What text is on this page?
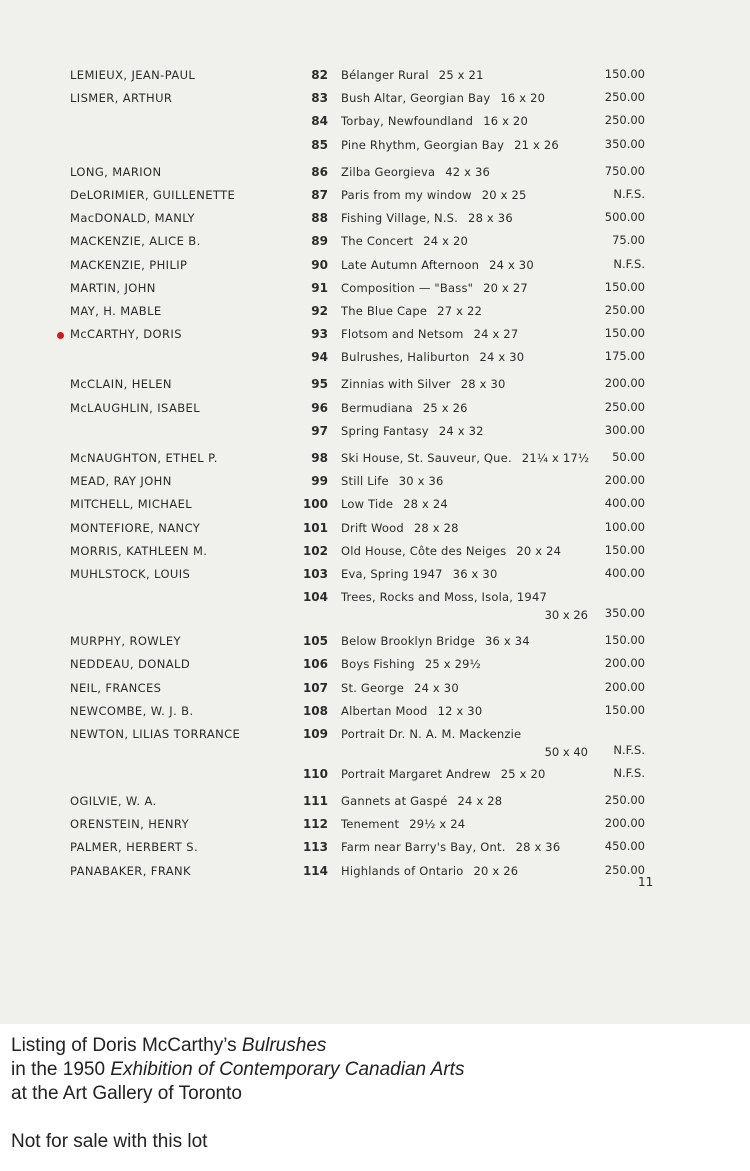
LEMIEUX, JEAN-PAUL	82 Bélanger Rural 25 x 21	150.00
LISMER, ARTHUR	83 Bush Altar, Georgian Bay 16 x 20	250.00
84 Torbay, Newfoundland 16 x 20	250.00
85 Pine Rhythm, Georgian Bay 21 x 26	350.00
LONG, MARION	86 Zilba Georgieva 42 x 36	750.00
DeLORIMIER, GUILLENETTE	87 Paris from my window 20 x 25	N.F.S.
MacDONALD, MANLY	88 Fishing Village, N.S. 28 x 36	500.00
MACKENZIE, ALICE B.	89 The Concert 24 x 20	75.00
MACKENZIE, PHILIP	90 Late Autumn Afternoon 24 x 30	N.F.S.
MARTIN, JOHN	91 Composition — "Bass" 20 x 27	150.00
MAY, H. MABLE	92 The Blue Cape 27 x 22	250.00
McCARTHY, DORIS	93 Flotsom and Netsom 24 x 27	150.00
94 Bulrushes, Haliburton 24 x 30	175.00
McCLAIN, HELEN	95 Zinnias with Silver 28 x 30	200.00
McLAUGHLIN, ISABEL	96 Bermudiana 25 x 26	250.00
97 Spring Fantasy 24 x 32	300.00
McNAUGHTON, ETHEL P.	98 Ski House, St. Sauveur, Que. 21¼ x 17½ 50.00
MEAD, RAY JOHN	99 Still Life 30 x 36	200.00
MITCHELL, MICHAEL	100 Low Tide 28 x 24	400.00
MONTEFIORE, NANCY	101 Drift Wood 28 x 28	100.00
MORRIS, KATHLEEN M.	102 Old House, Côte des Neiges 20 x 24	150.00
MUHLSTOCK, LOUIS	103 Eva, Spring 1947 36 x 30	400.00
104 Trees, Rocks and Moss, Isola, 1947
30 x 26 350.00
MURPHY, ROWLEY	105 Below Brooklyn Bridge 36 x 34	150.00
NEDDEAU, DONALD	106 Boys Fishing 25 x 29½	200.00
NEIL, FRANCES	107 St. George 24 x 30	200.00
NEWCOMBE, W. J. B.	108 Albertan Mood 12 x 30	150.00
NEWTON, LILIAS TORRANCE	109 Portrait Dr. N. A. M. Mackenzie
50 x 40 N.F.S.
110 Portrait Margaret Andrew 25 x 20	N.F.S.
OGILVIE, W. A.	111 Gannets at Gaspé 24 x 28	250.00
ORENSTEIN, HENRY	112 Tenement 29½ x 24	200.00
PALMER, HERBERT S.	113 Farm near Barry's Bay, Ont. 28 x 36	450.00
PANABAKER, FRANK	114 Highlands of Ontario 20 x 26	250.00
11

Listing of Doris McCarthy’s Bulrushes

in the 1950 Exhibition of Contemporary Canadian Arts

at the Art Gallery of Toronto

Not for sale with this lot
